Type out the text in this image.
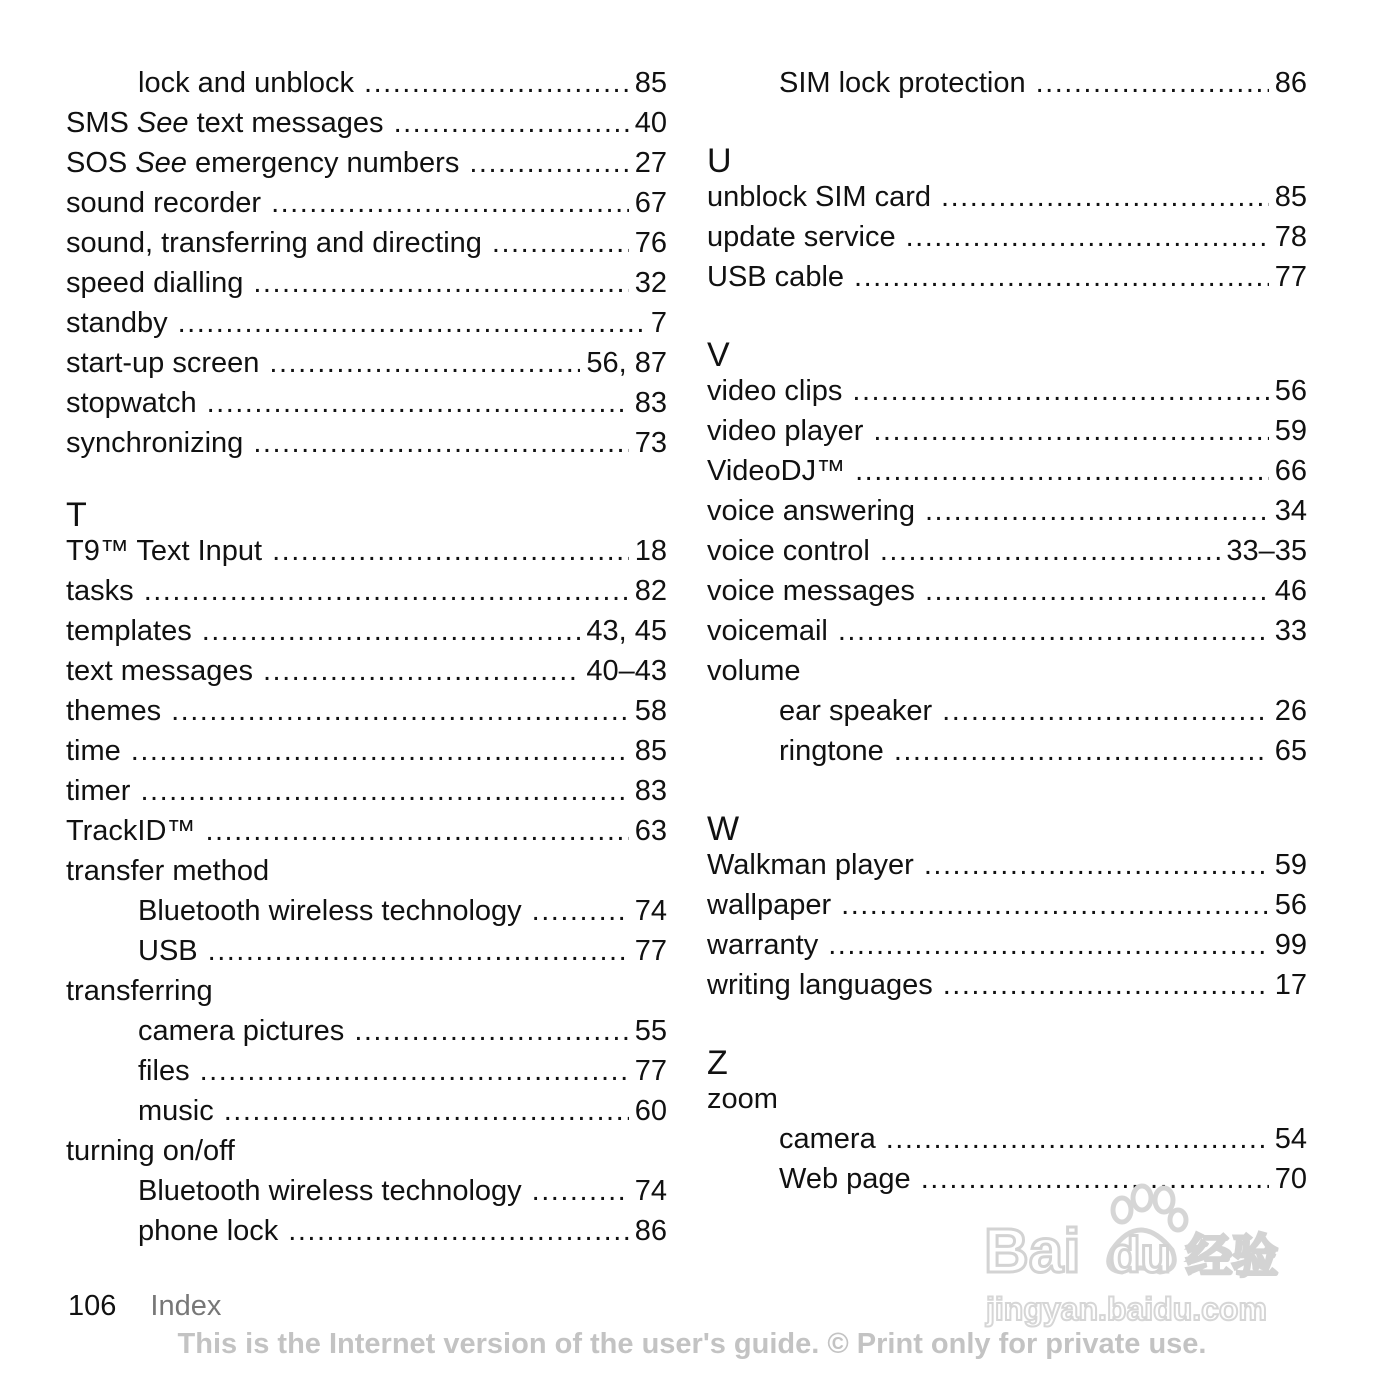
lock and unblock .....	85
SMS See text messages .....	40
SOS See emergency numbers .....	27
sound recorder .....	67
sound, transferring and directing .....	76
speed dialling .....	32
standby .....	7
start-up screen .....	56, 87
stopwatch .....	83
synchronizing .....	73
T
T9™ Text Input .....	18
tasks .....	82
templates .....	43, 45
text messages .....	40–43
themes .....	58
time .....	85
timer .....	83
TrackID™ .....	63
transfer method
Bluetooth wireless technology .....	74
USB .....	77
transferring
camera pictures .....	55
files .....	77
music .....	60
turning on/off
Bluetooth wireless technology .....	74
phone lock .....	86
SIM lock protection .....	86
U
unblock SIM card .....	85
update service .....	78
USB cable .....	77
V
video clips .....	56
video player .....	59
VideoDJ™ .....	66
voice answering .....	34
voice control .....	33–35
voice messages .....	46
voicemail .....	33
volume
ear speaker .....	26
ringtone .....	65
W
Walkman player .....	59
wallpaper .....	56
warranty .....	99
writing languages .....	17
Z
zoom
camera .....	54
Web page .....	70
106 Index
Bai du 经验
jingyan.baidu.com
This is the Internet version of the user's guide. © Print only for private use.
